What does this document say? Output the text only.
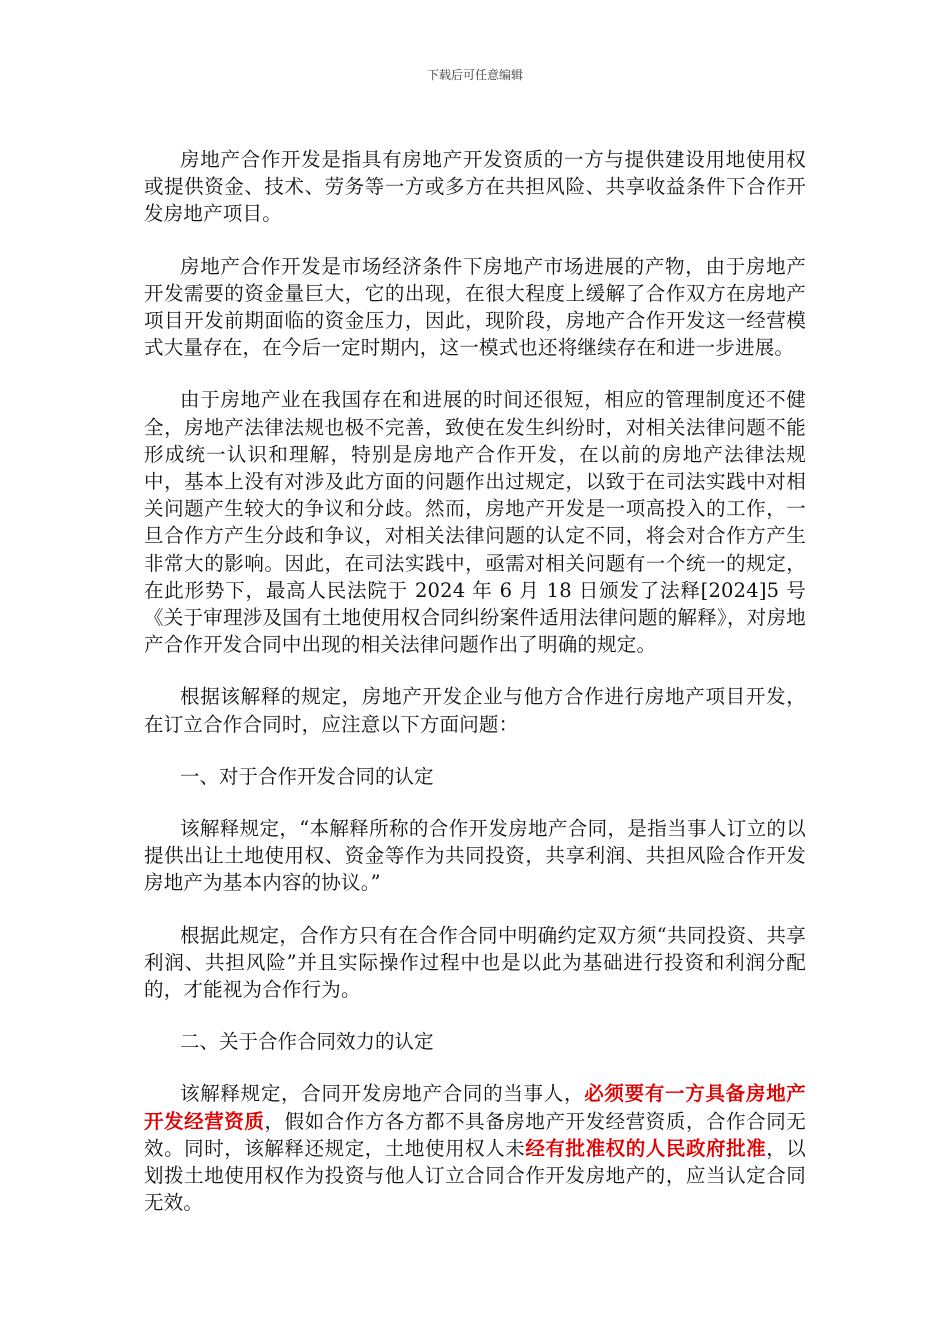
下载后可任意编辑

房地产合作开发是指具有房地产开发资质的一方与提供建设用地使用权或提供资金、技术、劳务等一方或多方在共担风险、共享收益条件下合作开发房地产项目。

房地产合作开发是市场经济条件下房地产市场进展的产物，由于房地产开发需要的资金量巨大，它的出现，在很大程度上缓解了合作双方在房地产项目开发前期面临的资金压力，因此，现阶段，房地产合作开发这一经营模式大量存在，在今后一定时期内，这一模式也还将继续存在和进一步进展。

由于房地产业在我国存在和进展的时间还很短，相应的管理制度还不健全，房地产法律法规也极不完善，致使在发生纠纷时，对相关法律问题不能形成统一认识和理解，特别是房地产合作开发，在以前的房地产法律法规中，基本上没有对涉及此方面的问题作出过规定，以致于在司法实践中对相关问题产生较大的争议和分歧。然而，房地产开发是一项高投入的工作，一旦合作方产生分歧和争议，对相关法律问题的认定不同，将会对合作方产生非常大的影响。因此，在司法实践中，亟需对相关问题有一个统一的规定，在此形势下，最高人民法院于 2024 年 6 月 18 日颁发了法释[2024]5 号《关于审理涉及国有土地使用权合同纠纷案件适用法律问题的解释》，对房地产合作开发合同中出现的相关法律问题作出了明确的规定。

根据该解释的规定，房地产开发企业与他方合作进行房地产项目开发，在订立合作合同时，应注意以下方面问题：

一、对于合作开发合同的认定

该解释规定，“本解释所称的合作开发房地产合同，是指当事人订立的以提供出让土地使用权、资金等作为共同投资，共享利润、共担风险合作开发房地产为基本内容的协议。”

根据此规定，合作方只有在合作合同中明确约定双方须“共同投资、共享利润、共担风险”并且实际操作过程中也是以此为基础进行投资和利润分配的，才能视为合作行为。

二、关于合作合同效力的认定

该解释规定，合同开发房地产合同的当事人，必须要有一方具备房地产开发经营资质，假如合作方各方都不具备房地产开发经营资质，合作合同无效。同时，该解释还规定，土地使用权人未经有批准权的人民政府批准，以划拨土地使用权作为投资与他人订立合同合作开发房地产的，应当认定合同无效。
